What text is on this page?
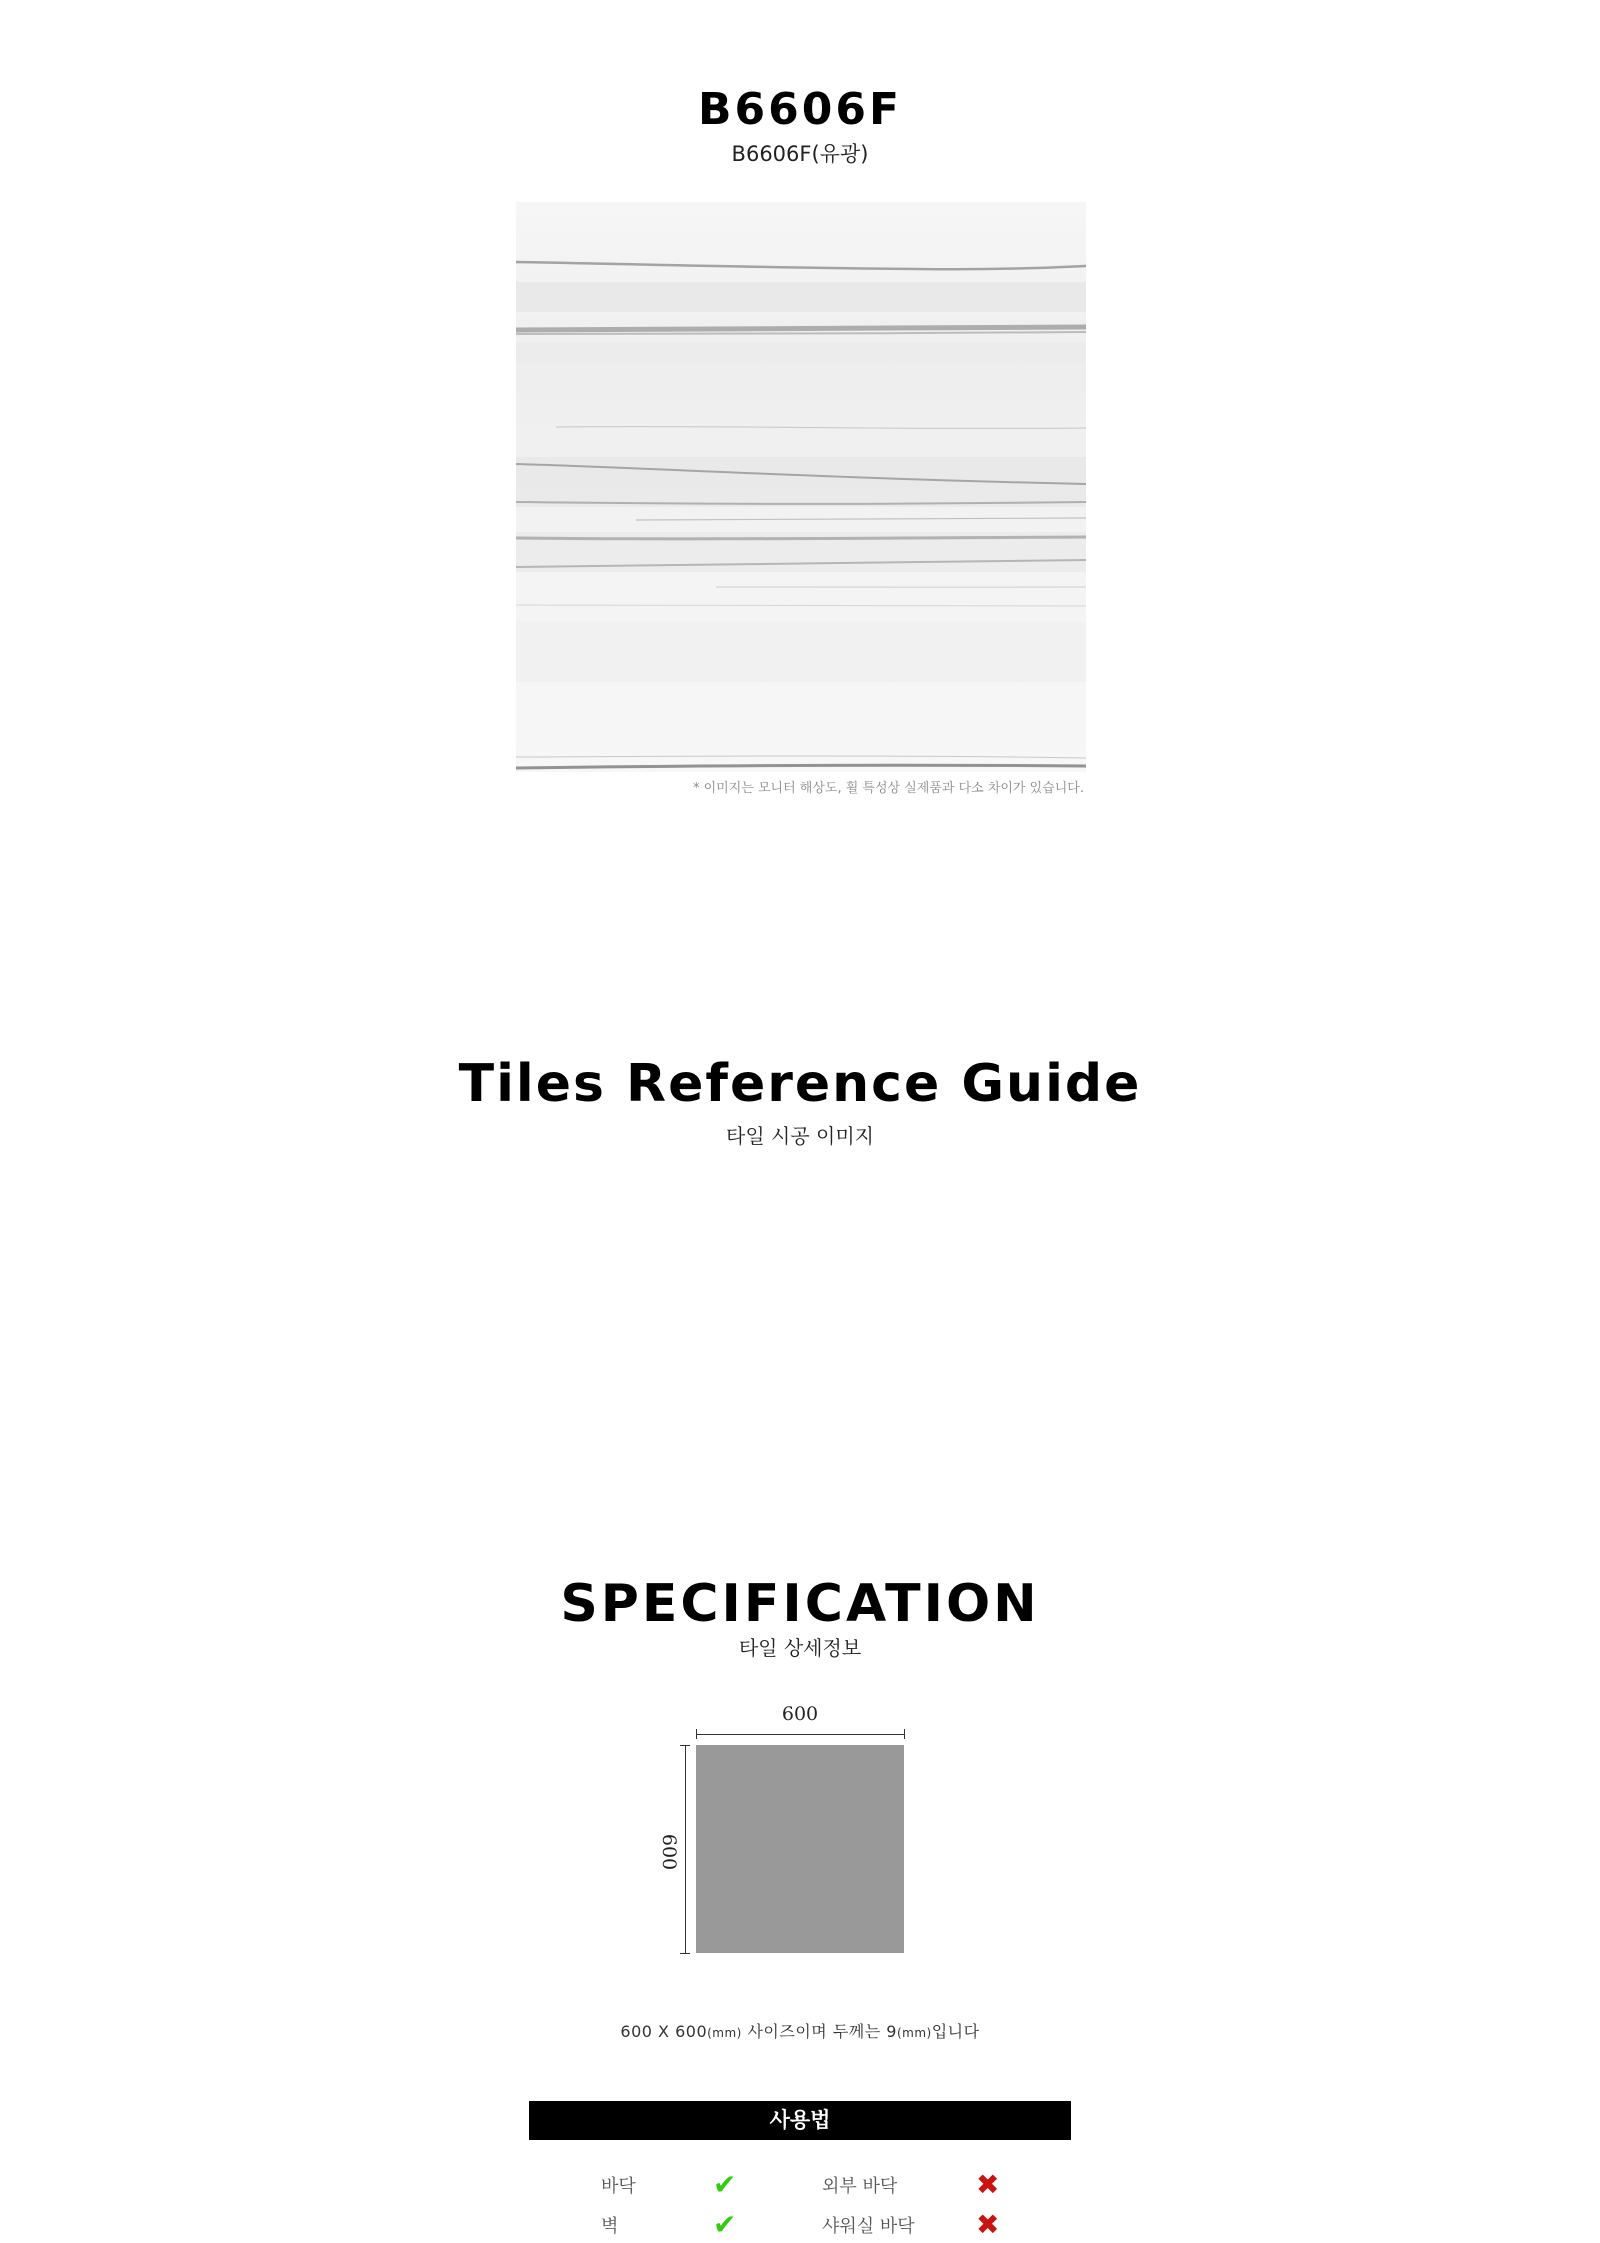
B6606F
B6606F(유광)
* 이미지는 모니터 해상도, 휠 특성상 실제품과 다소 차이가 있습니다.
Tiles Reference Guide
타일 시공 이미지
SPECIFICATION
타일 상세정보
600
600
600 X 600(mm) 사이즈이며 두께는 9(mm)입니다
사용법
바닥	✔	외부 바닥	✖
벽	✔	샤워실 바닥 ✖
